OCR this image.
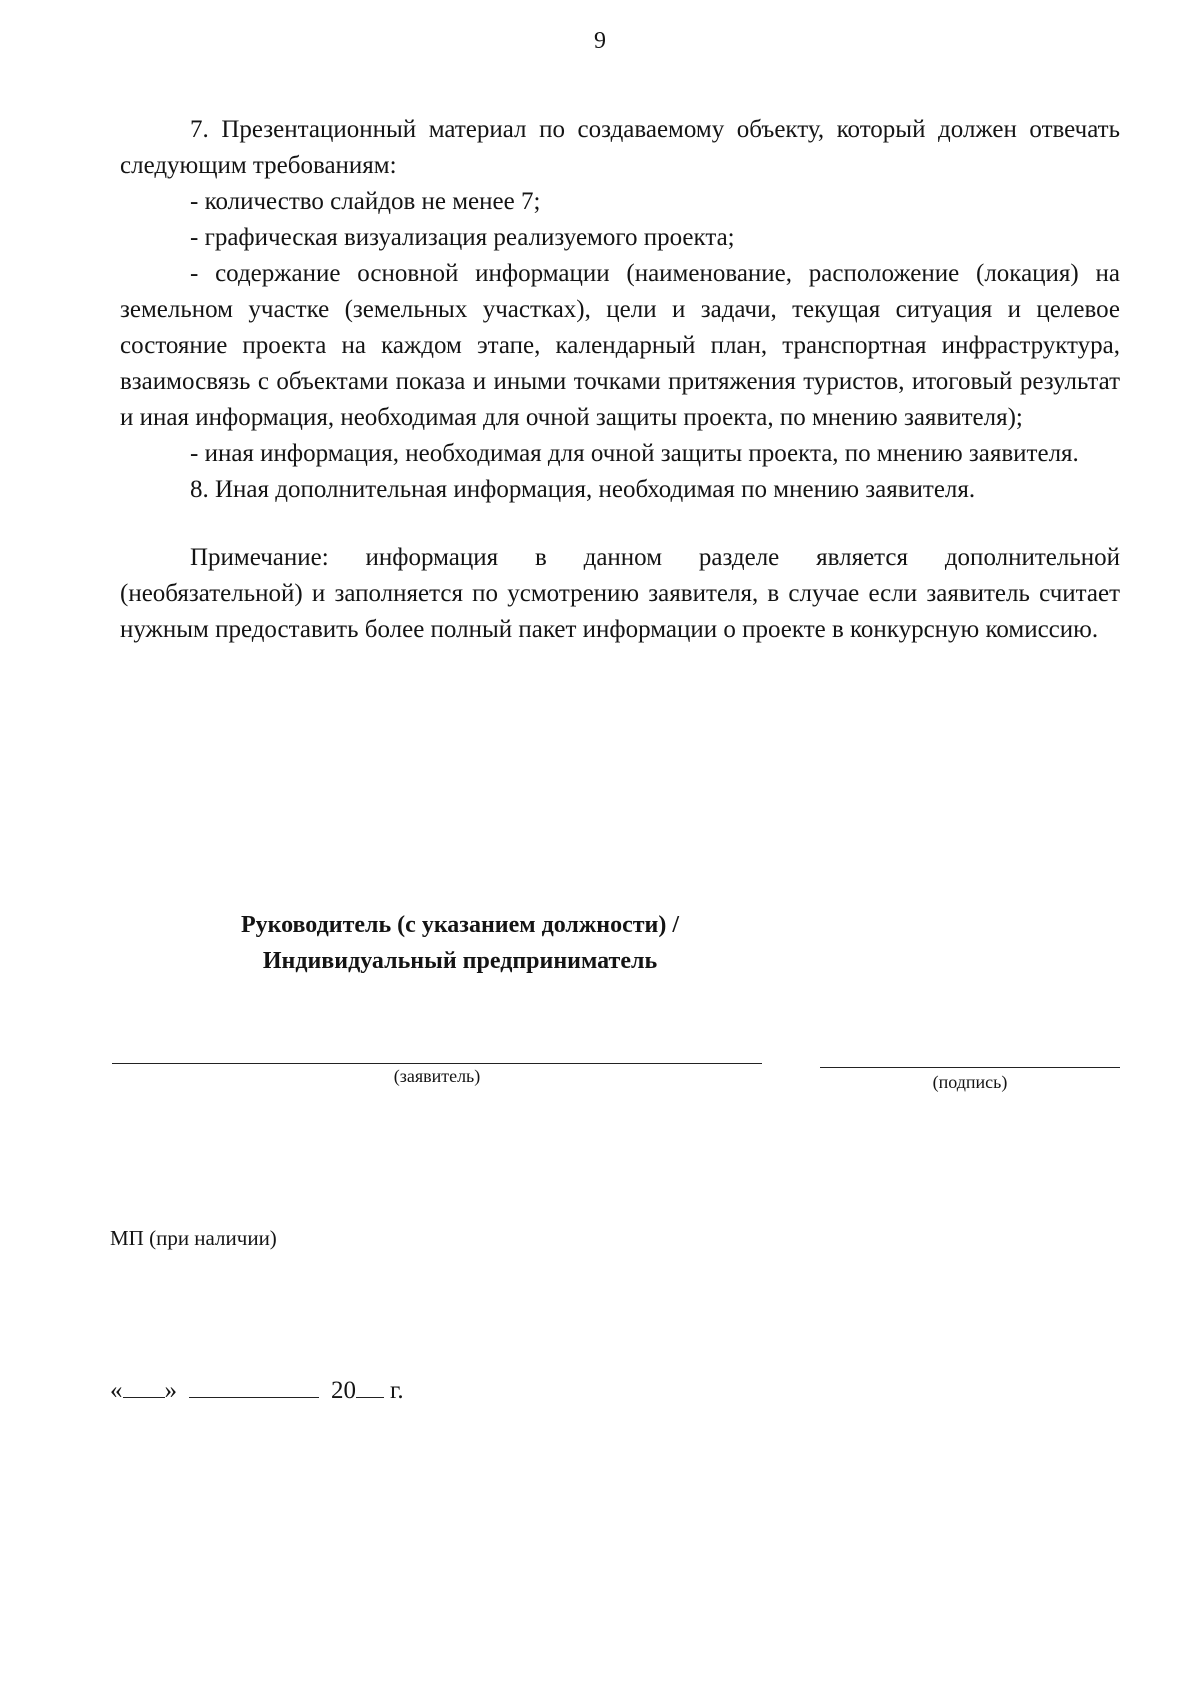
9

7. Презентационный материал по создаваемому объекту, который должен отвечать следующим требованиям:

- количество слайдов не менее 7;

- графическая визуализация реализуемого проекта;

- содержание основной информации (наименование, расположение (локация) на земельном участке (земельных участках), цели и задачи, текущая ситуация и целевое состояние проекта на каждом этапе, календарный план, транспортная инфраструктура, взаимосвязь с объектами показа и иными точками притяжения туристов, итоговый результат и иная информация, необходимая для очной защиты проекта, по мнению заявителя);

- иная информация, необходимая для очной защиты проекта, по мнению заявителя.

8. Иная дополнительная информация, необходимая по мнению заявителя.

Примечание: информация в данном разделе является дополнительной (необязательной) и заполняется по усмотрению заявителя, в случае если заявитель считает нужным предоставить более полный пакет информации о проекте в конкурсную комиссию.

Руководитель (с указанием должности) /
Индивидуальный предприниматель
(заявитель)	(подпись)
МП (при наличии)
« »	20 г.
